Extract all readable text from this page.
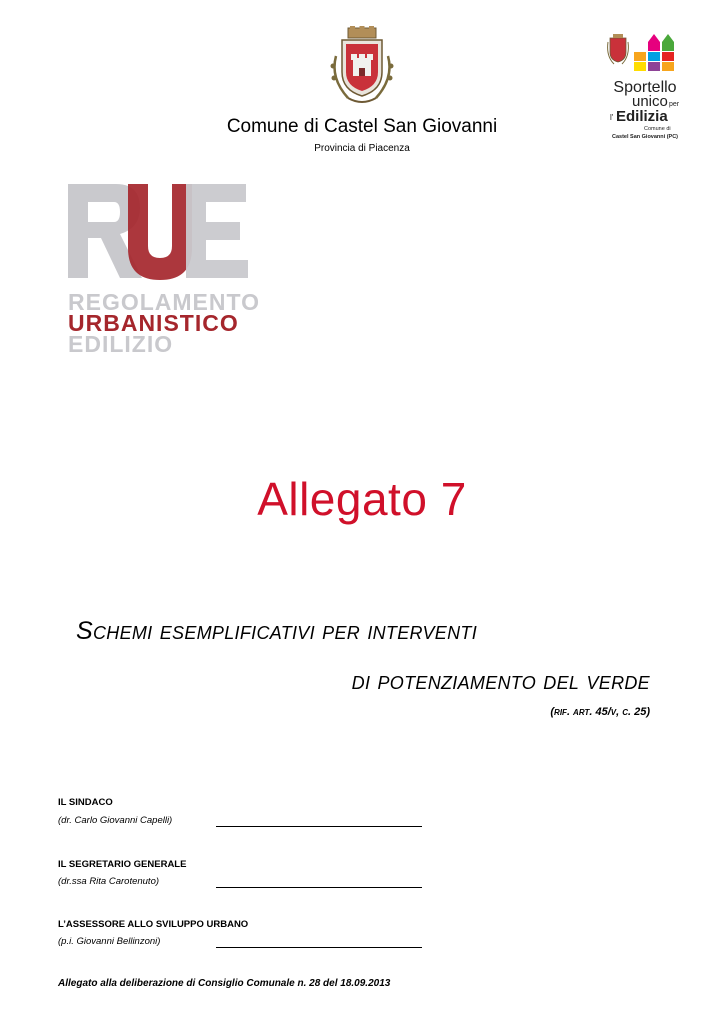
Sportello
unico per
l' Edilizia
Comune di
Castel San Giovanni (PC)
Comune di Castel San Giovanni
Provincia di Piacenza
REGOLAMENTO
URBANISTICO
EDILIZIO
Allegato 7
Schemi esemplificativi per interventi
di potenziamento del verde
(rif. art. 45/v, c. 25)
IL SINDACO
(dr. Carlo Giovanni Capelli)
IL SEGRETARIO GENERALE
(dr.ssa Rita Carotenuto)
L’ASSESSORE ALLO SVILUPPO URBANO
(p.i. Giovanni Bellinzoni)
Allegato alla deliberazione di Consiglio Comunale n. 28 del 18.09.2013
